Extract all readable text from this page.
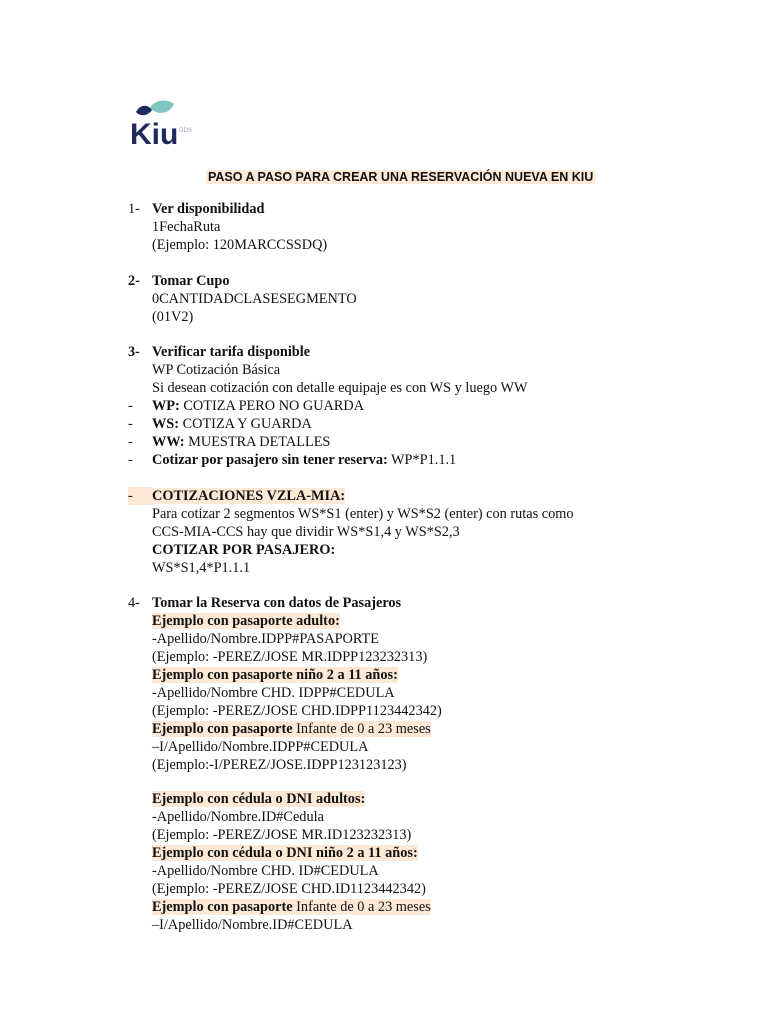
Kiu GDS
PASO A PASO PARA CREAR UNA RESERVACIÓN NUEVA EN KIU
1- Ver disponibilidad
1FechaRuta
(Ejemplo: 120MARCCSSDQ)
2- Tomar Cupo
0CANTIDADCLASESEGMENTO
(01V2)
3- Verificar tarifa disponible
WP Cotización Básica
Si desean cotización con detalle equipaje es con WS y luego WW
- WP: COTIZA PERO NO GUARDA
- WS: COTIZA Y GUARDA
- WW: MUESTRA DETALLES
- Cotizar por pasajero sin tener reserva: WP*P1.1.1
-	COTIZACIONES VZLA-MIA:
Para cotizar 2 segmentos WS*S1 (enter) y WS*S2 (enter) con rutas como
CCS-MIA-CCS hay que dividir WS*S1,4 y WS*S2,3
COTIZAR POR PASAJERO:
WS*S1,4*P1.1.1
4- Tomar la Reserva con datos de Pasajeros
Ejemplo con pasaporte adulto:
-Apellido/Nombre.IDPP#PASAPORTE
(Ejemplo: -PEREZ/JOSE MR.IDPP123232313)
Ejemplo con pasaporte niño 2 a 11 años:
-Apellido/Nombre CHD. IDPP#CEDULA
(Ejemplo: -PEREZ/JOSE CHD.IDPP1123442342)
Ejemplo con pasaporte Infante de 0 a 23 meses
–I/Apellido/Nombre.IDPP#CEDULA
(Ejemplo:-I/PEREZ/JOSE.IDPP123123123)
Ejemplo con cédula o DNI adultos:
-Apellido/Nombre.ID#Cedula
(Ejemplo: -PEREZ/JOSE MR.ID123232313)
Ejemplo con cédula o DNI niño 2 a 11 años:
-Apellido/Nombre CHD. ID#CEDULA
(Ejemplo: -PEREZ/JOSE CHD.ID1123442342)
Ejemplo con pasaporte Infante de 0 a 23 meses
–I/Apellido/Nombre.ID#CEDULA
